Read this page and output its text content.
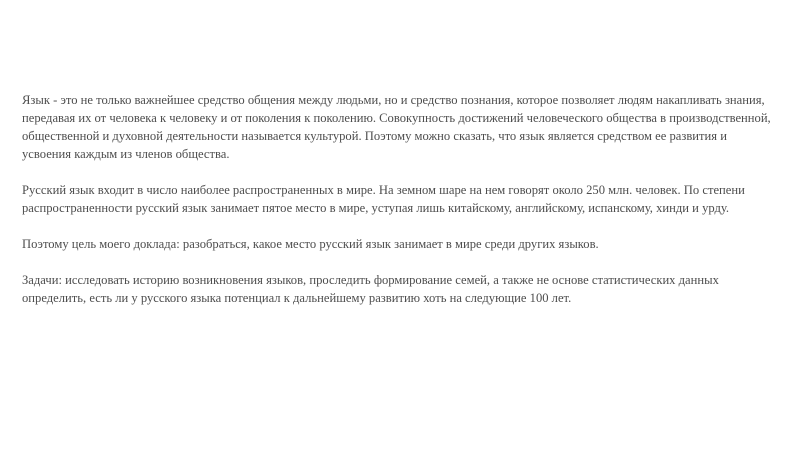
Язык - это не только важнейшее средство общения между людьми, но и средство познания, которое позволяет людям накапливать знания, передавая их от человека к человеку и от поколения к поколению. Совокупность достижений человеческого общества в производственной, общественной и духовной деятельности называется культурой. Поэтому можно сказать, что язык является средством ее развития и усвоения каждым из членов общества.

Русский язык входит в число наиболее распространенных в мире. На земном шаре на нем говорят около 250 млн. человек. По степени распространенности русский язык занимает пятое место в мире, уступая лишь китайскому, английскому, испанскому, хинди и урду.

Поэтому цель моего доклада: разобраться, какое место русский язык занимает в мире среди других языков.

Задачи: исследовать историю возникновения языков, проследить формирование семей, а также не основе статистических данных определить, есть ли у русского языка потенциал к дальнейшему развитию хоть на следующие 100 лет.
